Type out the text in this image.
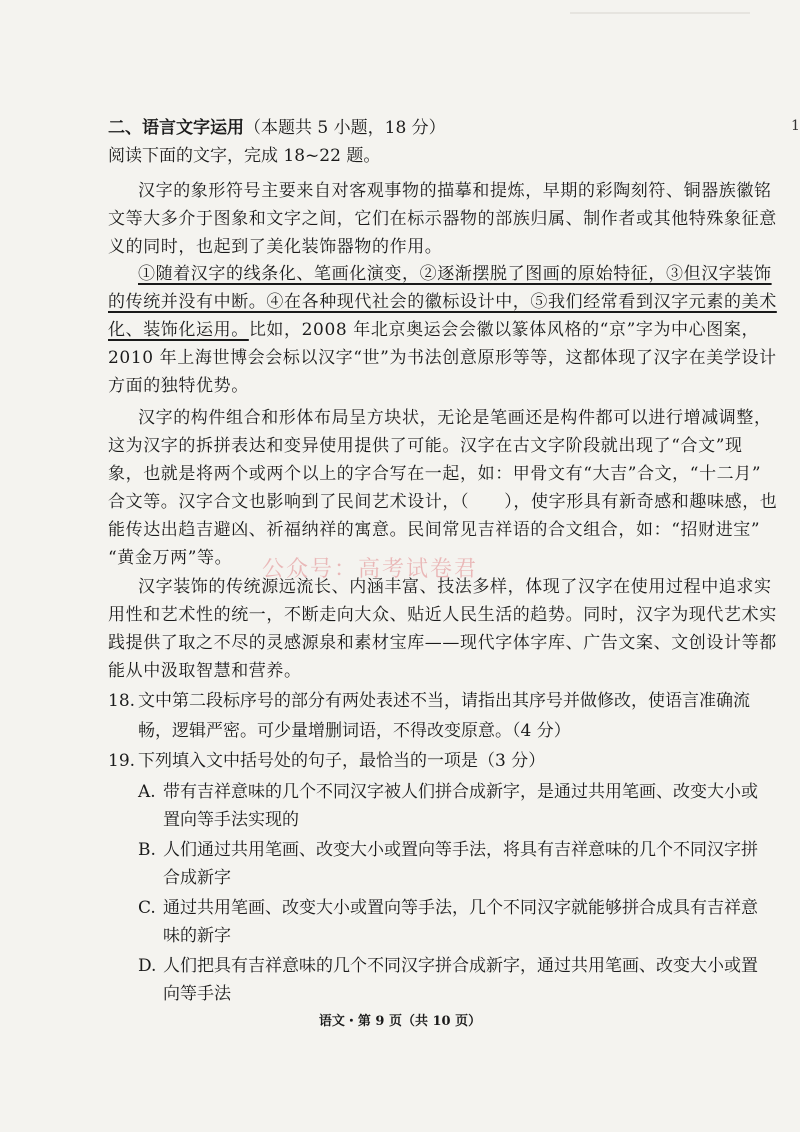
1
二、语言文字运用（本题共 5 小题，18 分）
阅读下面的文字，完成 18~22 题。
汉字的象形符号主要来自对客观事物的描摹和提炼，早期的彩陶刻符、铜器族徽铭
文等大多介于图象和文字之间，它们在标示器物的部族归属、制作者或其他特殊象征意
义的同时，也起到了美化装饰器物的作用。
①随着汉字的线条化、笔画化演变，②逐渐摆脱了图画的原始特征，③但汉字装饰
的传统并没有中断。④在各种现代社会的徽标设计中，⑤我们经常看到汉字元素的美术
化、装饰化运用。比如，2008 年北京奥运会会徽以篆体风格的“京”字为中心图案，
2010 年上海世博会会标以汉字“世”为书法创意原形等等，这都体现了汉字在美学设计
方面的独特优势。
汉字的构件组合和形体布局呈方块状，无论是笔画还是构件都可以进行增减调整，
这为汉字的拆拼表达和变异使用提供了可能。汉字在古文字阶段就出现了“合文”现
象，也就是将两个或两个以上的字合写在一起，如：甲骨文有“大吉”合文，“十二月”
合文等。汉字合文也影响到了民间艺术设计，（　　），使字形具有新奇感和趣味感，也
能传达出趋吉避凶、祈福纳祥的寓意。民间常见吉祥语的合文组合，如：“招财进宝”
“黄金万两”等。 公众号：高考试卷君
汉字装饰的传统源远流长、内涵丰富、技法多样，体现了汉字在使用过程中追求实
用性和艺术性的统一，不断走向大众、贴近人民生活的趋势。同时，汉字为现代艺术实
践提供了取之不尽的灵感源泉和素材宝库——现代字体字库、广告文案、文创设计等都
能从中汲取智慧和营养。
18. 文中第二段标序号的部分有两处表述不当，请指出其序号并做修改，使语言准确流
畅，逻辑严密。可少量增删词语，不得改变原意。（4 分）
19. 下列填入文中括号处的句子，最恰当的一项是（3 分）
A. 带有吉祥意味的几个不同汉字被人们拼合成新字，是通过共用笔画、改变大小或
置向等手法实现的
B. 人们通过共用笔画、改变大小或置向等手法，将具有吉祥意味的几个不同汉字拼
合成新字
C. 通过共用笔画、改变大小或置向等手法，几个不同汉字就能够拼合成具有吉祥意
味的新字
D. 人们把具有吉祥意味的几个不同汉字拼合成新字，通过共用笔画、改变大小或置
向等手法
语文・第 9 页（共 10 页）
